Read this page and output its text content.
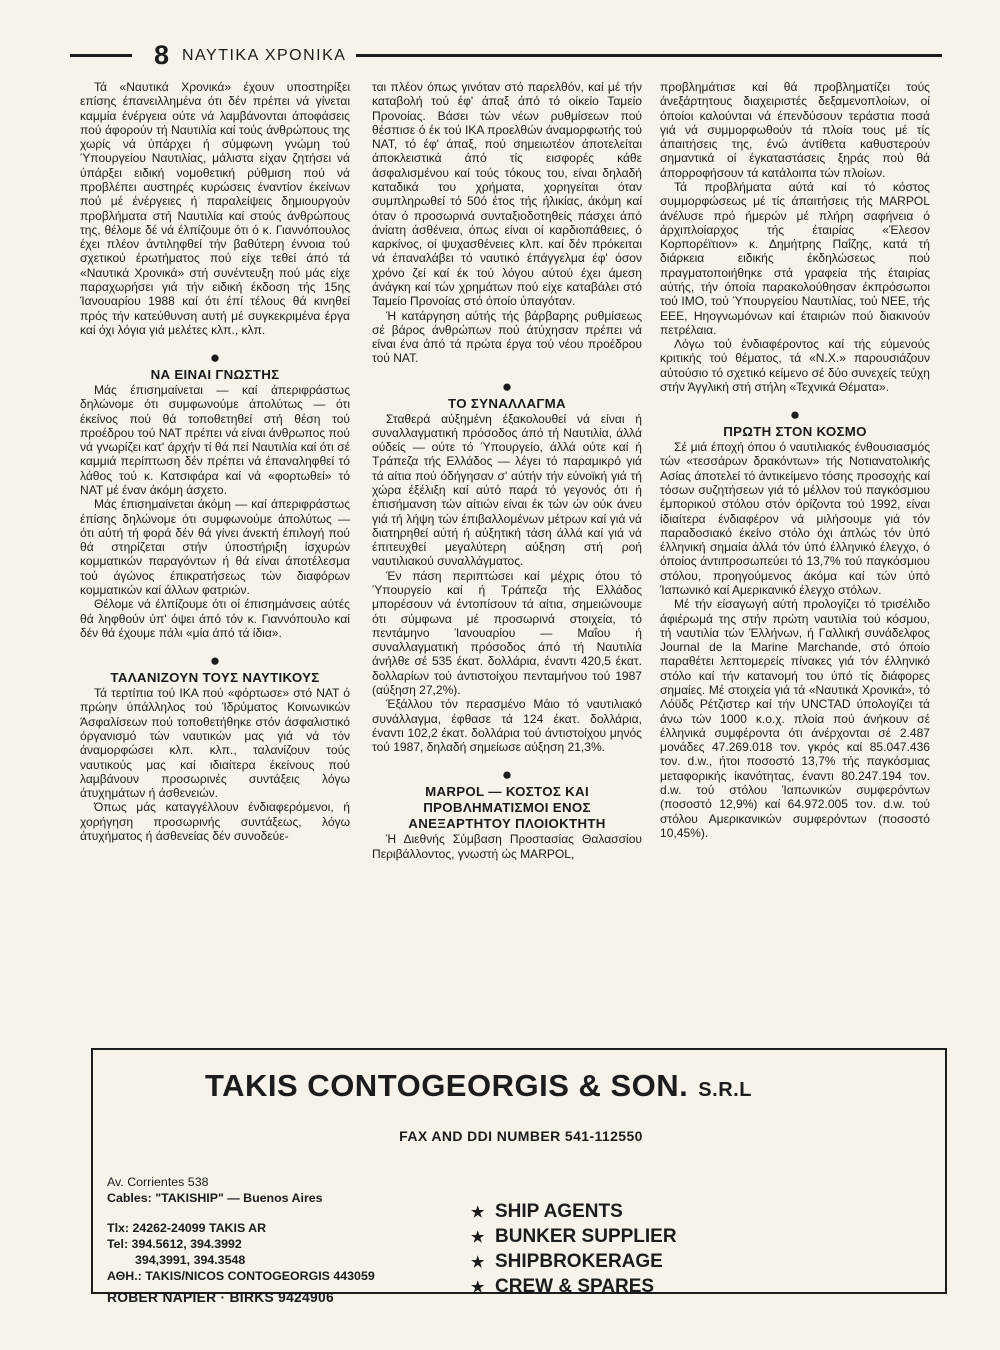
8 ΝΑΥΤΙΚΑ ΧΡΟΝΙΚΑ

Τά «Ναυτικά Χρονικά» έχουν υποστηρίξει επίσης έπανειλλημένα ότι δέν πρέπει νά γίνεται καμμία ένέργεια ούτε νά λαμβάνονται άποφάσεις πού άφορούν τή Ναυτιλία καί τούς άνθρώπους της χωρίς νά ύπάρχει ή σύμφωνη γνώμη τού Ύπουργείου Ναυτιλίας, μάλιστα είχαν ζητήσει νά ύπάρξει ειδική νομοθετική ρύθμιση πού νά προβλέπει αυστηρές κυρώσεις έναντίον έκείνων πού μέ ένέργειες ή παραλείψεις δημιουργούν προβλήματα στή Ναυτιλία καί στούς άνθρώπους της, θέλομε δέ νά έλπίζουμε ότι ό κ. Γιαννόπουλος έχει πλέον άντιληφθεί τήν βαθύτερη έννοια τού σχετικού έρωτήματος πού είχε τεθεί άπό τά «Ναυτικά Χρονικά» στή συνέντευξη πού μάς είχε παραχωρήσει γιά τήν ειδική έκδοση τής 15ης Ίανουαρίου 1988 καί ότι έπί τέλους θά κινηθεί πρός τήν κατεύθυνση αυτή μέ συγκεκριμένα έργα καί όχι λόγια γιά μελέτες κλπ., κλπ.

●
ΝΑ ΕΙΝΑΙ ΓΝΩΣΤΗΣ

Μάς έπισημαίνεται — καί άπεριφράστως δηλώνομε ότι συμφωνούμε άπολύτως — ότι έκείνος πού θά τοποθετηθεί στή θέση τού προέδρου τού ΝΑΤ πρέπει νά είναι άνθρωπος πού νά γνωρίζει κατ' άρχήν τί θά πεί Ναυτιλία καί ότι σέ καμμιά περίπτωση δέν πρέπει νά έπαναληφθεί τό λάθος τού κ. Κατσιφάρα καί νά «φορτωθεί» τό ΝΑΤ μέ έναν άκόμη άσχετο.

Μάς έπισημαίνεται άκόμη — καί άπεριφράστως έπίσης δηλώνομε ότι συμφωνούμε άπολύτως — ότι αύτή τή φορά δέν θά γίνει άνεκτή έπιλογή πού θά στηρίζεται στήν ύποστήριξη ίσχυρών κομματικών παραγόντων ή θά είναι άποτέλεσμα τού άγώνος έπικρατήσεως τών διαφόρων κομματικών καί άλλων φατριών.

Θέλομε νά έλπίζουμε ότι οί έπισημάνσεις αύτές θά ληφθούν ύπ' όψει άπό τόν κ. Γιαννόπουλο καί δέν θά έχουμε πάλι «μία άπό τά ίδια».

●
ΤΑΛΑΝΙΖΟΥΝ ΤΟΥΣ ΝΑΥΤΙΚΟΥΣ

Τά τερτίπια τού ΙΚΑ πού «φόρτωσε» στό ΝΑΤ ό πρώην ύπάλληλος τού Ίδρύματος Κοινωνικών Άσφαλίσεων πού τοποθετήθηκε στόν άσφαλιστικό όργανισμό τών ναυτικών μας γιά νά τόν άναμορφώσει κλπ. κλπ., ταλανίζουν τούς ναυτικούς μας καί ιδιαίτερα έκείνους πού λαμβάνουν προσωρινές συντάξεις λόγω άτυχημάτων ή άσθενειών.

Όπως μάς καταγγέλλουν ένδιαφερόμενοι, ή χορήγηση προσωρινής συντάξεως, λόγω άτυχήματος ή άσθενείας δέν συνοδεύε-

ται πλέον όπως γινόταν στό παρελθόν, καί μέ τήν καταβολή τού έφ' άπαξ άπό τό οίκείο Ταμείο Προνοίας. Βάσει τών νέων ρυθμίσεων πού θέσπισε ό έκ τού ΙΚΑ προελθών άναμορφωτής τού ΝΑΤ, τό έφ' άπαξ, πού σημειωτέον άποτελείται άποκλειστικά άπό τίς εισφορές κάθε άσφαλισμένου καί τούς τόκους του, είναι δηλαδή καταδικά του χρήματα, χορηγείται όταν συμπληρωθεί τό 50ό έτος τής ήλικίας, άκόμη καί όταν ό προσωρινά συνταξιοδοτηθείς πάσχει άπό άνίατη άσθένεια, όπως είναι οί καρδιοπάθειες, ό καρκίνος, οί ψυχασθένειες κλπ. καί δέν πρόκειται νά έπαναλάβει τό ναυτικό έπάγγελμα έφ' όσον χρόνο ζεί καί έκ τού λόγου αύτού έχει άμεση άνάγκη καί τών χρημάτων πού είχε καταβάλει στό Ταμείο Προνοίας στό όποίο ύπαγόταν.

Ή κατάργηση αύτής τής βάρβαρης ρυθμίσεως σέ βάρος άνθρώπων πού άτύχησαν πρέπει νά είναι ένα άπό τά πρώτα έργα τού νέου προέδρου τού ΝΑΤ.

●
ΤΟ ΣΥΝΑΛΛΑΓΜΑ

Σταθερά αύξημένη έξακολουθεί νά είναι ή συναλλαγματική πρόσοδος άπό τή Ναυτιλία, άλλά ούδείς — ούτε τό Ύπουργείο, άλλά ούτε καί ή Τράπεζα τής Ελλάδος — λέγει τό παραμικρό γιά τά αίτια πού όδήγησαν σ' αύτήν τήν εύνοϊκή γιά τή χώρα έξέλιξη καί αύτό παρά τό γεγονός ότι ή έπισήμανση τών αίτιών είναι έκ τών ών ούκ άνευ γιά τή λήψη τών έπιβαλλομένων μέτρων καί γιά νά διατηρηθεί αύτή ή αύξητική τάση άλλά καί γιά νά έπιτευχθεί μεγαλύτερη αύξηση στή ροή ναυτιλιακού συναλλάγματος.

Έν πάση περιπτώσει καί μέχρις ότου τό Ύπουργείο καί ή Τράπεζα τής Ελλάδος μπορέσουν νά έντοπίσουν τά αίτια, σημειώνουμε ότι σύμφωνα μέ προσωρινά στοιχεία, τό πεντάμηνο Ίανουαρίου — Μαΐου ή συναλλαγματική πρόσοδος άπό τή Ναυτιλία άνήλθε σέ 535 έκατ. δολλάρια, έναντι 420,5 έκατ. δολλαρίων τού άντιστοίχου πενταμήνου τού 1987 (αύξηση 27,2%).

Έξάλλου τόν περασμένο Μάιο τό ναυτιλιακό συνάλλαγμα, έφθασε τά 124 έκατ. δολλάρια, έναντι 102,2 έκατ. δολλάρια τού άντιστοίχου μηνός τού 1987, δηλαδή σημείωσε αύξηση 21,3%.

●
MARPOL — ΚΟΣΤΟΣ ΚΑΙ ΠΡΟΒΛΗΜΑΤΙΣΜΟΙ ΕΝΟΣ ΑΝΕΞΑΡΤΗΤΟΥ ΠΛΟΙΟΚΤΗΤΗ

Ή Διεθνής Σύμβαση Προστασίας Θαλασσίου Περιβάλλοντος, γνωστή ώς MARPOL,

προβλημάτισε καί θά προβληματίζει τούς άνεξάρτητους διαχειριστές δεξαμενοπλοίων, οί όποίοι καλούνται νά έπενδύσουν τεράστια ποσά γιά νά συμμορφωθούν τά πλοία τους μέ τίς άπαιτήσεις της, ένώ άντίθετα καθυστερούν σημαντικά οί έγκαταστάσεις ξηράς πού θά άπορροφήσουν τά κατάλοιπα τών πλοίων.

Τά προβλήματα αύτά καί τό κόστος συμμορφώσεως μέ τίς άπαιτήσεις τής MARPOL άνέλυσε πρό ήμερών μέ πλήρη σαφήνεια ό άρχιπλοίαρχος τής έταιρίας «Έλεσον Κορπορέϊτιον» κ. Δημήτρης Παΐζης, κατά τή διάρκεια ειδικής έκδηλώσεως πού πραγματοποιήθηκε στά γραφεία τής έταιρίας αύτής, τήν όποία παρακολούθησαν έκπρόσωποι τού ΙΜΟ, τού Ύπουργείου Ναυτιλίας, τού ΝΕΕ, τής ΕΕΕ, Ηηογνωμόνων καί έταιριών πού διακινούν πετρέλαια.

Λόγω τού ένδιαφέροντος καί τής εύμενούς κριτικής τού θέματος, τά «Ν.Χ.» παρουσιάζουν αύτούσιο τό σχετικό κείμενο σέ δύο συνεχείς τεύχη στήν Άγγλική στή στήλη «Τεχνικά Θέματα».

●
ΠΡΩΤΗ ΣΤΟΝ ΚΟΣΜΟ

Σέ μιά έποχή όπου ό ναυτιλιακός ένθουσιασμός τών «τεσσάρων δρακόντων» τής Νοτιανατολικής Ασίας άποτελεί τό άντικείμενο τόσης προσοχής καί τόσων συζητήσεων γιά τό μέλλον τού παγκόσμιου έμπορικού στόλου στόν όρίζοντα τού 1992, είναι ίδιαίτερα ένδιαφέρον νά μιλήσουμε γιά τόν παραδοσιακό έκείνο στόλο όχι άπλώς τόν ύπό έλληνική σημαία άλλά τόν ύπό έλληνικό έλεγχο, ό όποίος άντιπροσωπεύει τό 13,7% τού παγκόσμιου στόλου, προηγούμενος άκόμα καί τών ύπό Ίαπωνικό καί Αμερικανικό έλεγχο στόλων.

Μέ τήν είσαγωγή αύτή προλογίζει τό τρισέλιδο άφιέρωμά της στήν πρώτη ναυτιλία τού κόσμου, τή ναυτιλία τών Έλλήνων, ή Γαλλική συνάδελφος Journal de la Marine Marchande, στό όποίο παραθέτει λεπτομερείς πίνακες γιά τόν έλληνικό στόλο καί τήν κατανομή του ύπό τίς διάφορες σημαίες. Μέ στοιχεία γιά τά «Ναυτικά Χρονικά», τό Λόϋδς Ρέτζιστερ καί τήν UNCTAD ύπολογίζει τά άνω τών 1000 κ.ο.χ. πλοία πού άνήκουν σέ έλληνικά συμφέροντα ότι άνέρχονται σέ 2.487 μονάδες 47.269.018 τον. γκρός καί 85.047.436 τον. d.w., ήτοι ποσοστό 13,7% τής παγκόσμιας μεταφορικής ίκανότητας, έναντι 80.247.194 τον. d.w. τού στόλου Ίαπωνικών συμφερόντων (ποσοστό 12,9%) καί 64.972.005 τον. d.w. τού στόλου Αμερικανικών συμφερόντων (ποσοστό 10,45%).

TAKIS CONTOGEORGIS & SON. S.R.L
FAX AND DDI NUMBER 541-112550
Av. Corrientes 538
Cables: "TAKISHIP" — Buenos Aires
Tlx: 24262-24099 TAKIS AR
Tel: 394.5612, 394.3992
394,3991, 394.3548
ΑΘΗ.: TAKIS/NICOS CONTOGEORGIS 443059
ROBER NAPIER · BIRKS 9424906
★ SHIP AGENTS
★ BUNKER SUPPLIER
★ SHIPBROKERAGE
★ CREW & SPARES
